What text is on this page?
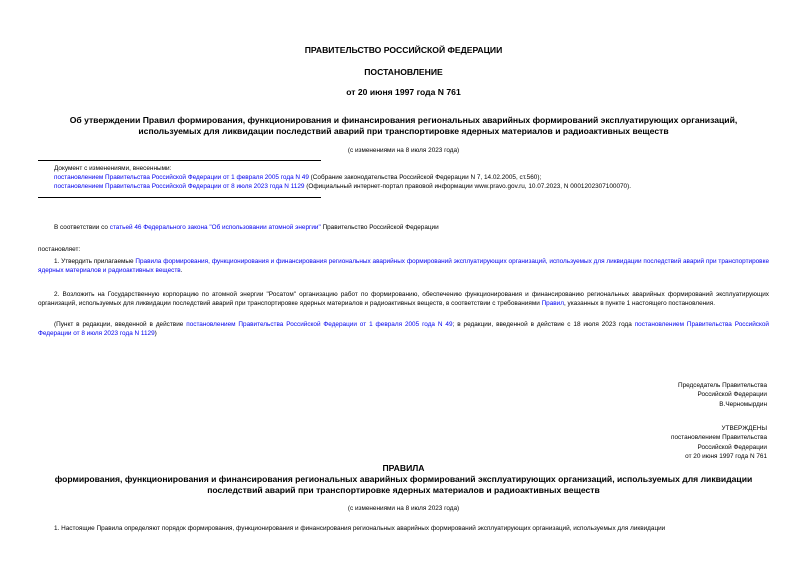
ПРАВИТЕЛЬСТВО РОССИЙСКОЙ ФЕДЕРАЦИИ
ПОСТАНОВЛЕНИЕ
от 20 июня 1997 года N 761
Об утверждении Правил формирования, функционирования и финансирования региональных аварийных формирований эксплуатирующих организаций,
используемых для ликвидации последствий аварий при транспортировке ядерных материалов и радиоактивных веществ
(с изменениями на 8 июля 2023 года)
Документ с изменениями, внесенными:
постановлением Правительства Российской Федерации от 1 февраля 2005 года N 49 (Собрание законодательства Российской Федерации N 7, 14.02.2005, ст.560);
постановлением Правительства Российской Федерации от 8 июля 2023 года N 1129 (Официальный интернет-портал правовой информации www.pravo.gov.ru, 10.07.2023, N 0001202307100070).
В соответствии со статьей 46 Федерального закона "Об использовании атомной энергии" Правительство Российской Федерации
постановляет:
1. Утвердить прилагаемые Правила формирования, функционирования и финансирования региональных аварийных формирований эксплуатирующих организаций, используемых для ликвидации последствий аварий при транспортировке ядерных материалов и радиоактивных веществ.
2. Возложить на Государственную корпорацию по атомной энергии "Росатом" организацию работ по формированию, обеспечению функционирования и финансированию региональных аварийных формирований эксплуатирующих организаций, используемых для ликвидации последствий аварий при транспортировке ядерных материалов и радиоактивных веществ, в соответствии с требованиями Правил, указанных в пункте 1 настоящего постановления.
(Пункт в редакции, введенной в действие постановлением Правительства Российской Федерации от 1 февраля 2005 года N 49; в редакции, введенной в действие с 18 июля 2023 года постановлением Правительства Российской Федерации от 8 июля 2023 года N 1129)
Председатель Правительства
Российской Федерации
В.Черномырдин
УТВЕРЖДЕНЫ
постановлением Правительства
Российской Федерации
от 20 июня 1997 года N 761
ПРАВИЛА
формирования, функционирования и финансирования региональных аварийных формирований эксплуатирующих организаций, используемых для ликвидации
последствий аварий при транспортировке ядерных материалов и радиоактивных веществ
(с изменениями на 8 июля 2023 года)
1. Настоящие Правила определяют порядок формирования, функционирования и финансирования региональных аварийных формирований эксплуатирующих организаций, используемых для ликвидации
